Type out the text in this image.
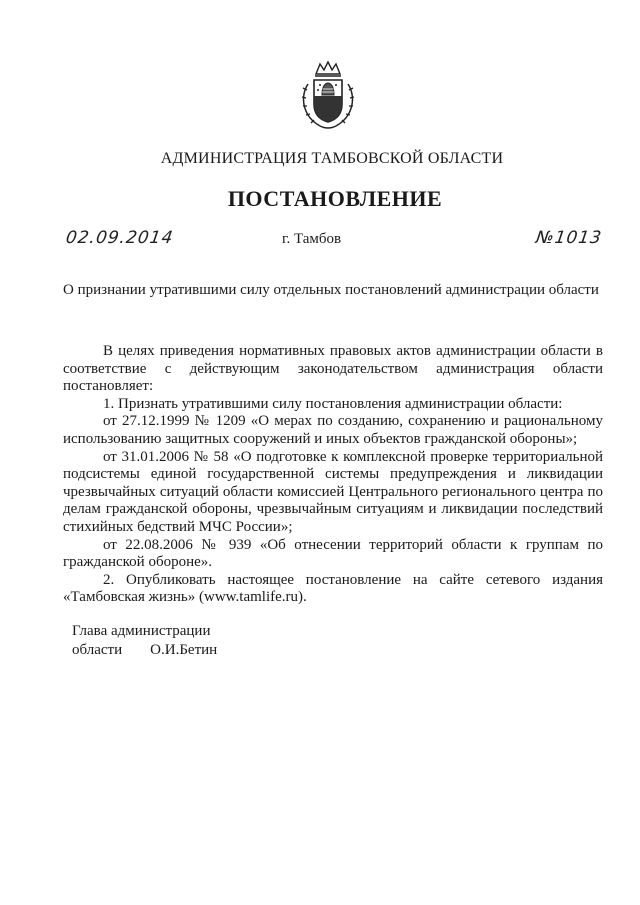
АДМИНИСТРАЦИЯ ТАМБОВСКОЙ ОБЛАСТИ
ПОСТАНОВЛЕНИЕ
02.09.2014	г. Тамбов	№1013
О признании утратившими силу отдельных постановлений администрации области

В целях приведения нормативных правовых актов администрации области в соответствие с действующим законодательством администрация области постановляет:

1. Признать утратившими силу постановления администрации области:

от 27.12.1999 № 1209 «О мерах по созданию, сохранению и рациональному использованию защитных сооружений и иных объектов гражданской обороны»;

от 31.01.2006 № 58 «О подготовке к комплексной проверке территориальной подсистемы единой государственной системы предупреждения и ликвидации чрезвычайных ситуаций области комиссией Центрального регионального центра по делам гражданской обороны, чрезвычайным ситуациям и ликвидации последствий стихийных бедствий МЧС России»;

от 22.08.2006 № 939 «Об отнесении территорий области к группам по гражданской обороне».

2. Опубликовать настоящее постановление на сайте сетевого издания «Тамбовская жизнь» (www.tamlife.ru).

Глава администрации
области О.И.Бетин
